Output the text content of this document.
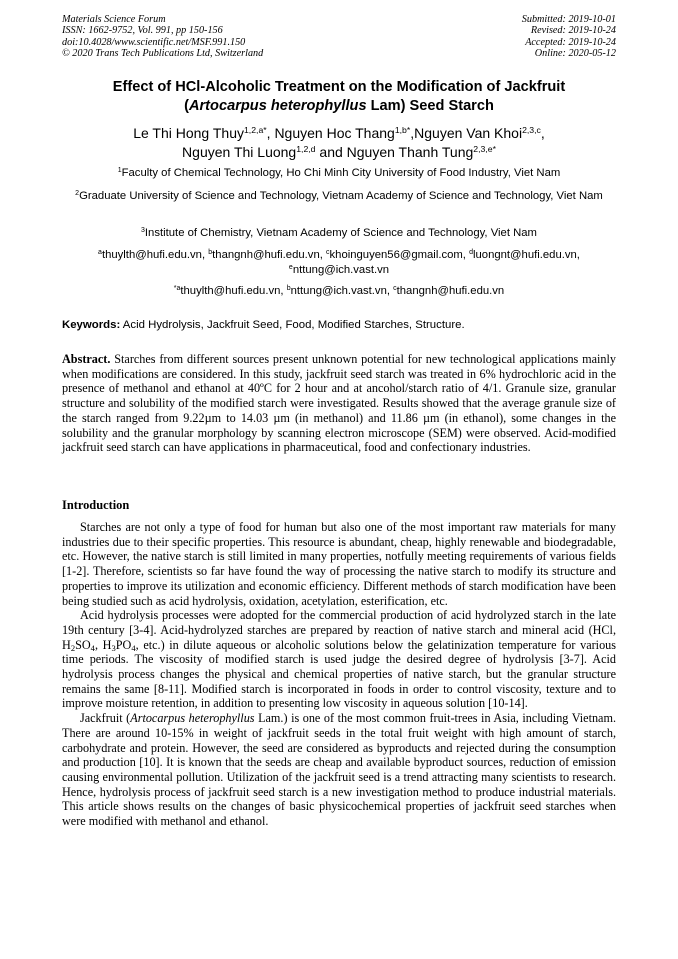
Materials Science Forum
ISSN: 1662-9752, Vol. 991, pp 150-156
doi:10.4028/www.scientific.net/MSF.991.150
© 2020 Trans Tech Publications Ltd, Switzerland
Submitted: 2019-10-01
Revised: 2019-10-24
Accepted: 2019-10-24
Online: 2020-05-12
Effect of HCl-Alcoholic Treatment on the Modification of Jackfruit
(Artocarpus heterophyllus Lam) Seed Starch
Le Thi Hong Thuy$^{1,2,a*}$, Nguyen Hoc Thang$^{1,b*}$,Nguyen Van Khoi$^{2,3,c}$,
Nguyen Thi Luong$^{1,2,d}$ and Nguyen Thanh Tung$^{2,3,e*}$
$^1$Faculty of Chemical Technology, Ho Chi Minh City University of Food Industry, Viet Nam
$^2$Graduate University of Science and Technology, Vietnam Academy of Science and Technology, Viet Nam
$^3$Institute of Chemistry, Vietnam Academy of Science and Technology, Viet Nam
$^a$thuylth@hufi.edu.vn, $^b$thangnh@hufi.edu.vn, $^c$khoinguyen56@gmail.com, $^d$luongnt@hufi.edu.vn,
$^e$nttung@ich.vast.vn
$^{*a}$thuylth@hufi.edu.vn, $^b$nttung@ich.vast.vn, $^c$thangnh@hufi.edu.vn
Keywords: Acid Hydrolysis, Jackfruit Seed, Food, Modified Starches, Structure.
Abstract. Starches from different sources present unknown potential for new technological applications mainly when modifications are considered. In this study, jackfruit seed starch was treated in 6% hydrochloric acid in the presence of methanol and ethanol at 40ºC for 2 hour and at ancohol/starch ratio of 4/1. Granule size, granular structure and solubility of the modified starch were investigated. Results showed that the average granule size of the starch ranged from 9.22µm to 14.03 µm (in methanol) and 11.86 µm (in ethanol), some changes in the solubility and the granular morphology by scanning electron microscope (SEM) were observed. Acid-modified jackfruit seed starch can have applications in pharmaceutical, food and confectionary industries.
Introduction

Starches are not only a type of food for human but also one of the most important raw materials for many industries due to their specific properties. This resource is abundant, cheap, highly renewable and biodegradable, etc. However, the native starch is still limited in many properties, notfully meeting requirements of various fields [1-2]. Therefore, scientists so far have found the way of processing the native starch to modify its structure and properties to improve its utilization and economic efficiency. Different methods of starch modification have been being studied such as acid hydrolysis, oxidation, acetylation, esterification, etc.

Acid hydrolysis processes were adopted for the commercial production of acid hydrolyzed starch in the late 19th century [3-4]. Acid-hydrolyzed starches are prepared by reaction of native starch and mineral acid (HCl, $H_2SO_4$, $H_3PO_4$, etc.) in dilute aqueous or alcoholic solutions below the gelatinization temperature for various time periods. The viscosity of modified starch is used judge the desired degree of hydrolysis [3-7]. Acid hydrolysis process changes the physical and chemical properties of native starch, but the granular structure remains the same [8-11]. Modified starch is incorporated in foods in order to control viscosity, texture and to improve moisture retention, in addition to presenting low viscosity in aqueous solution [10-14].

Jackfruit (Artocarpus heterophyllus Lam.) is one of the most common fruit-trees in Asia, including Vietnam. There are around 10-15% in weight of jackfruit seeds in the total fruit weight with high amount of starch, carbohydrate and protein. However, the seed are considered as byproducts and rejected during the consumption and production [10]. It is known that the seeds are cheap and available byproduct sources, reduction of emission causing environmental pollution. Utilization of the jackfruit seed is a trend attracting many scientists to research. Hence, hydrolysis process of jackfruit seed starch is a new investigation method to produce industrial materials. This article shows results on the changes of basic physicochemical properties of jackfruit seed starches when were modified with methanol and ethanol.
